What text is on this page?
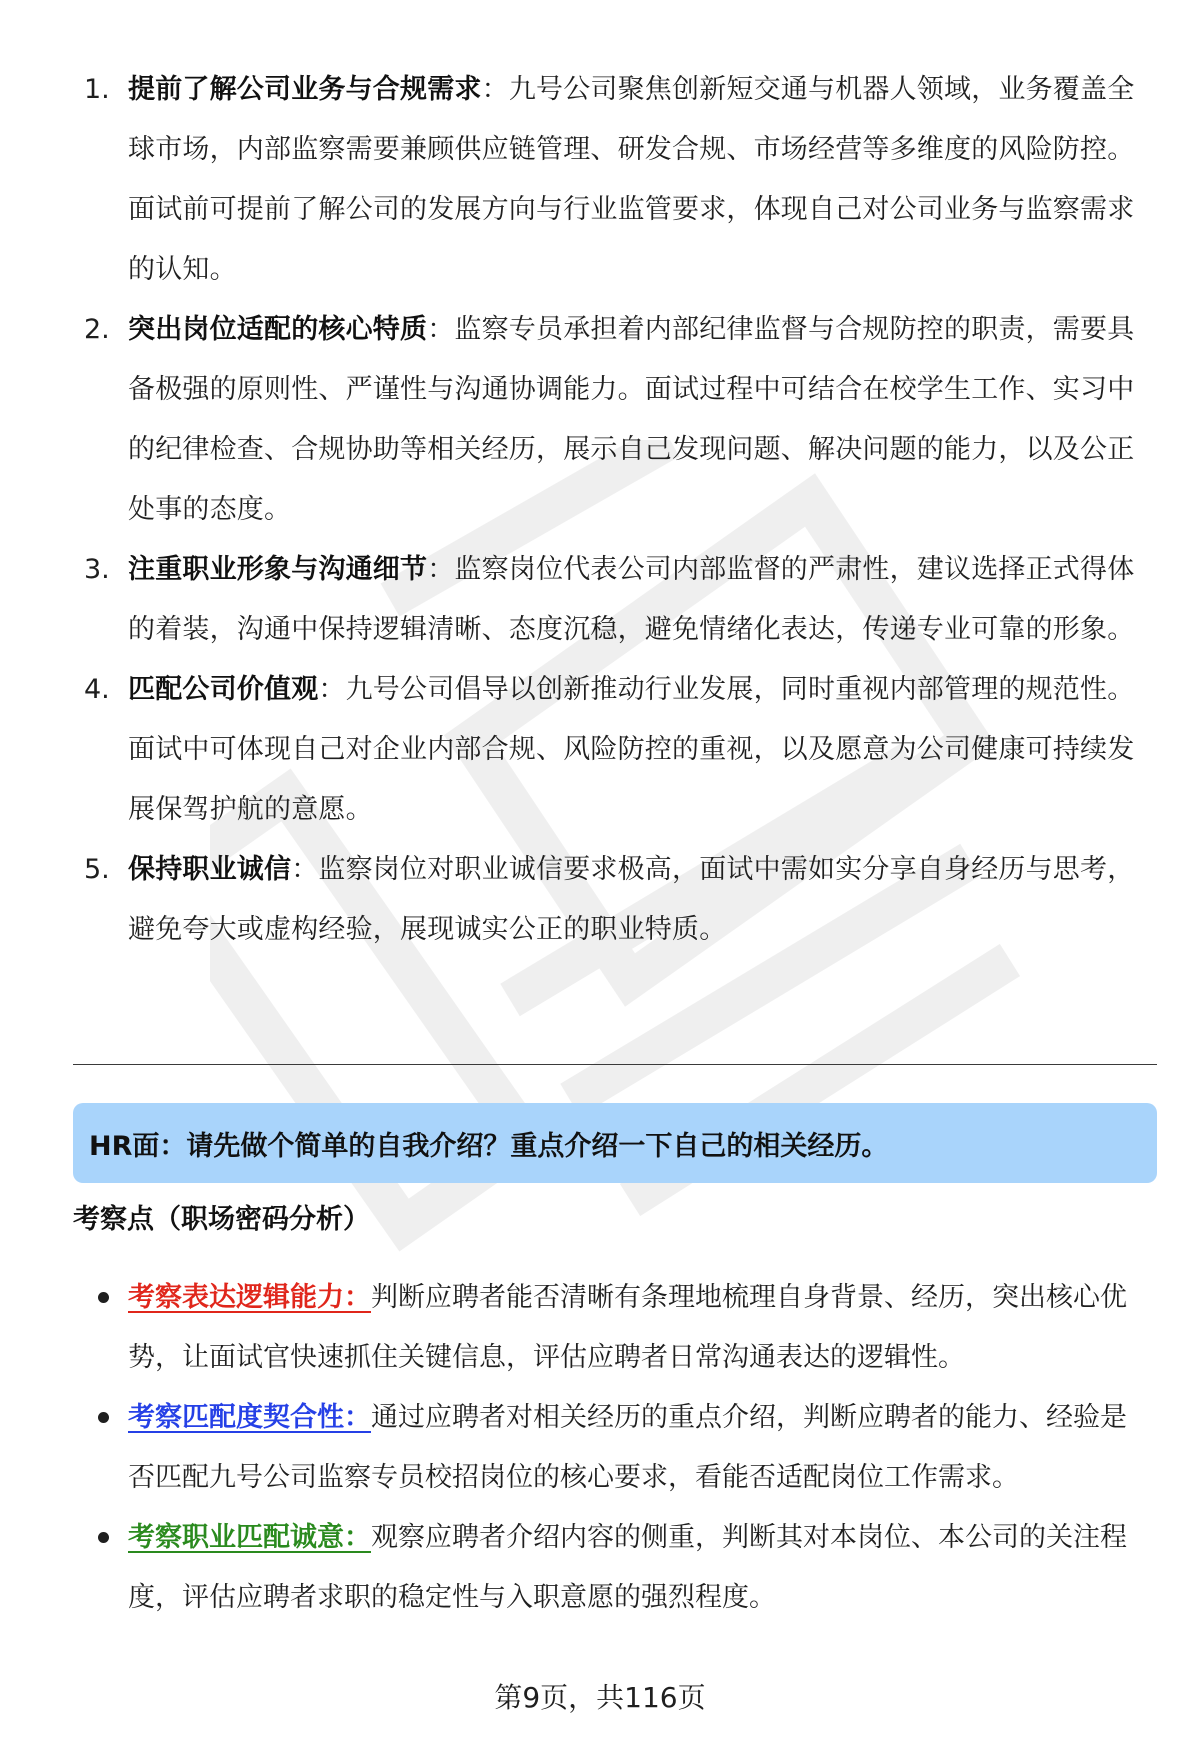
1. 提前了解公司业务与合规需求：九号公司聚焦创新短交通与机器人领域，业务覆盖全球市场，内部监察需要兼顾供应链管理、研发合规、市场经营等多维度的风险防控。面试前可提前了解公司的发展方向与行业监管要求，体现自己对公司业务与监察需求的认知。
2. 突出岗位适配的核心特质：监察专员承担着内部纪律监督与合规防控的职责，需要具备极强的原则性、严谨性与沟通协调能力。面试过程中可结合在校学生工作、实习中的纪律检查、合规协助等相关经历，展示自己发现问题、解决问题的能力，以及公正处事的态度。
3. 注重职业形象与沟通细节：监察岗位代表公司内部监督的严肃性，建议选择正式得体的着装，沟通中保持逻辑清晰、态度沉稳，避免情绪化表达，传递专业可靠的形象。
4. 匹配公司价值观：九号公司倡导以创新推动行业发展，同时重视内部管理的规范性。面试中可体现自己对企业内部合规、风险防控的重视，以及愿意为公司健康可持续发展保驾护航的意愿。
5. 保持职业诚信：监察岗位对职业诚信要求极高，面试中需如实分享自身经历与思考，避免夸大或虚构经验，展现诚实公正的职业特质。
HR面：请先做个简单的自我介绍？重点介绍一下自己的相关经历。
考察点（职场密码分析）
考察表达逻辑能力：判断应聘者能否清晰有条理地梳理自身背景、经历，突出核心优势，让面试官快速抓住关键信息，评估应聘者日常沟通表达的逻辑性。
考察匹配度契合性：通过应聘者对相关经历的重点介绍，判断应聘者的能力、经验是否匹配九号公司监察专员校招岗位的核心要求，看能否适配岗位工作需求。
考察职业匹配诚意：观察应聘者介绍内容的侧重，判断其对本岗位、本公司的关注程度，评估应聘者求职的稳定性与入职意愿的强烈程度。
第9页，共116页
